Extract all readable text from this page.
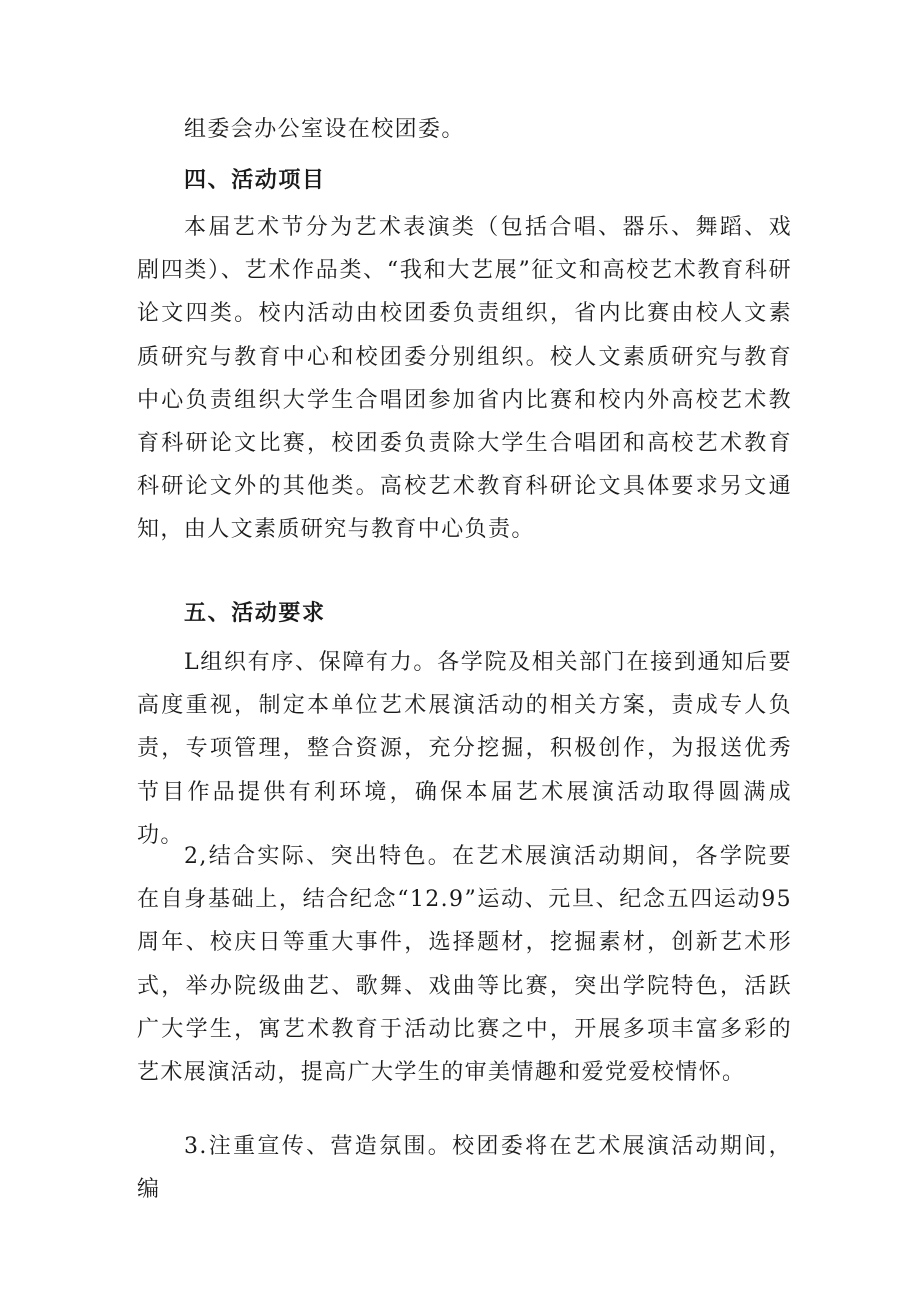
组委会办公室设在校团委。

四、活动项目

本届艺术节分为艺术表演类（包括合唱、器乐、舞蹈、戏剧四类）、艺术作品类、“我和大艺展”征文和高校艺术教育科研论文四类。校内活动由校团委负责组织，省内比赛由校人文素质研究与教育中心和校团委分别组织。校人文素质研究与教育中心负责组织大学生合唱团参加省内比赛和校内外高校艺术教育科研论文比赛，校团委负责除大学生合唱团和高校艺术教育科研论文外的其他类。高校艺术教育科研论文具体要求另文通知，由人文素质研究与教育中心负责。

五、活动要求

L组织有序、保障有力。各学院及相关部门在接到通知后要高度重视，制定本单位艺术展演活动的相关方案，责成专人负责，专项管理，整合资源，充分挖掘，积极创作，为报送优秀节目作品提供有利环境，确保本届艺术展演活动取得圆满成功。

2,结合实际、突出特色。在艺术展演活动期间，各学院要在自身基础上，结合纪念“12.9”运动、元旦、纪念五四运动95周年、校庆日等重大事件，选择题材，挖掘素材，创新艺术形式，举办院级曲艺、歌舞、戏曲等比赛，突出学院特色，活跃广大学生，寓艺术教育于活动比赛之中，开展多项丰富多彩的艺术展演活动，提高广大学生的审美情趣和爱党爱校情怀。

3.注重宣传、营造氛围。校团委将在艺术展演活动期间，编
